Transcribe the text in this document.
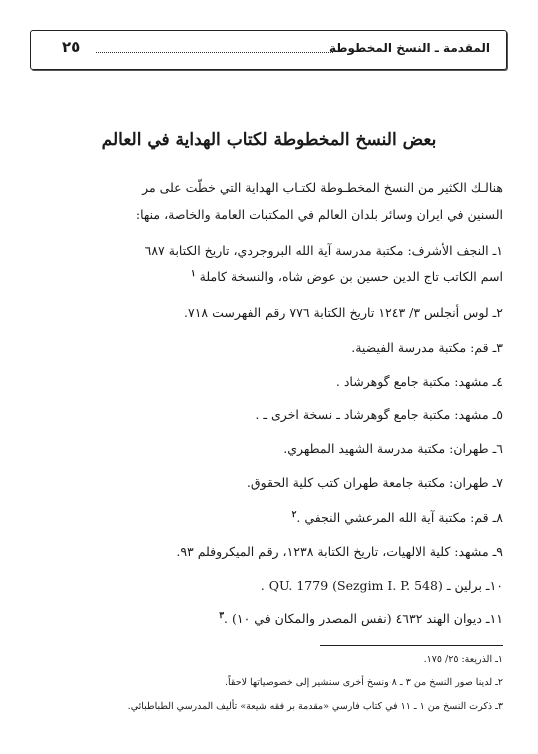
المقدمة ـ النسخ المخطوطة
٢٥
بعض النسخ المخطوطة لكتاب الهداية في العالم
هنالـك الكثير من النسخ المخطـوطة لكتـاب الهداية التي خطّت على مر
السنين في ايران وسائر بلدان العالم في المكتبات العامة والخاصة، منها:
١ـ النجف الأشرف: مكتبة مدرسة آية الله البروجردي، تاريخ الكتابة ٦٨٧
اسم الكاتب تاج الدين حسين بن عوض شاه، والنسخة كاملة $^١$
٢ـ لوس أنجلس ٣/ ١٢٤٣ تاريخ الكتابة ٧٧٦ رقم الفهرست ٧١٨.
٣ـ قم: مكتبة مدرسة الفيضية.
٤ـ مشهد: مكتبة جامع گوهرشاد .
٥ـ مشهد: مكتبة جامع گوهرشاد ـ نسخة اخرى ـ .
٦ـ طهران: مكتبة مدرسة الشهيد المطهري.
٧ـ طهران: مكتبة جامعة طهران كتب كلية الحقوق.
٨ـ قم: مكتبة آية الله المرعشي النجفي .$^٢$
٩ـ مشهد: كلية الالهيات، تاريخ الكتابة ١٢٣٨، رقم الميكروفلم ٩٣.
١٠ـ برلين ـ (Sezgim I. P. 548) QU. 1779 .
١١ـ ديوان الهند ٤٦٣٢ (نفس المصدر والمكان في ١٠) .$^٣$
١ـ الذريعة: ٢٥/ ١٧٥.
٢ـ لدينا صور النسخ من ٣ ـ ٨ ونسخ أخرى سنشير إلى خصوصياتها لاحقاً.
٣ـ ذكرت النسخ من ١ ـ ١١ في كتاب فارسي «مقدمة بر فقه شيعة» تأليف المدرسي الطباطبائي.
